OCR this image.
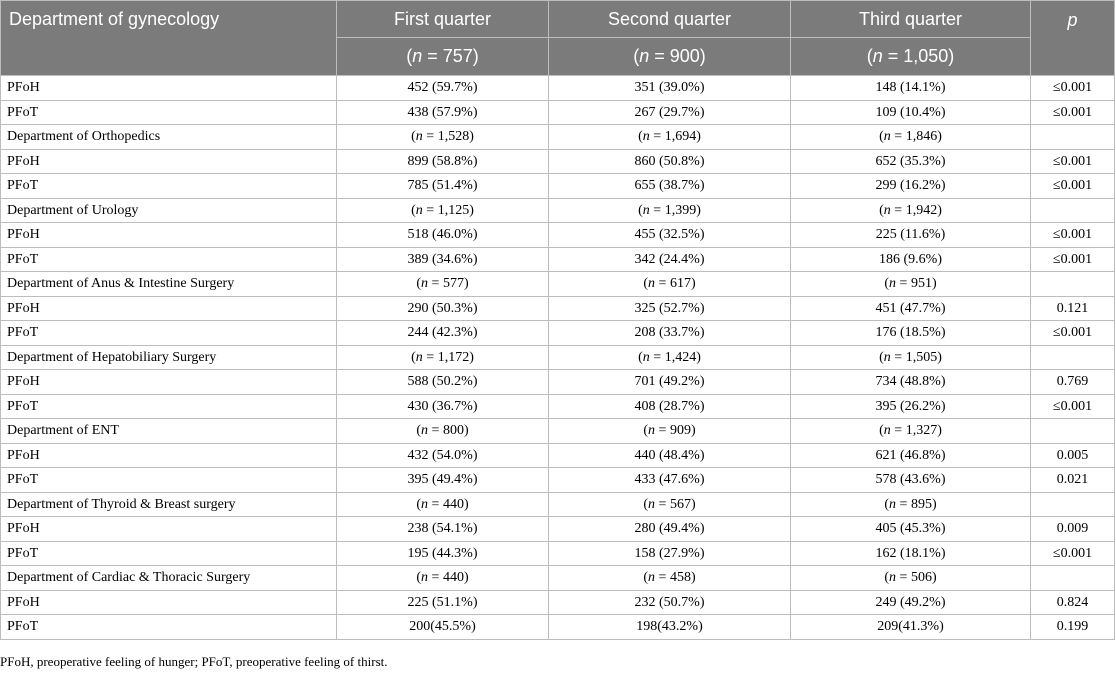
Department of gynecology	First quarter	Second quarter	Third quarter	p
	(n = 757)	(n = 900)	(n = 1,050)	
PFoH	452 (59.7%)	351 (39.0%)	148 (14.1%)	≤0.001
PFoT	438 (57.9%)	267 (29.7%)	109 (10.4%)	≤0.001
Department of Orthopedics	(n = 1,528)	(n = 1,694)	(n = 1,846)	
PFoH	899 (58.8%)	860 (50.8%)	652 (35.3%)	≤0.001
PFoT	785 (51.4%)	655 (38.7%)	299 (16.2%)	≤0.001
Department of Urology	(n = 1,125)	(n = 1,399)	(n = 1,942)	
PFoH	518 (46.0%)	455 (32.5%)	225 (11.6%)	≤0.001
PFoT	389 (34.6%)	342 (24.4%)	186 (9.6%)	≤0.001
Department of Anus & Intestine Surgery	(n = 577)	(n = 617)	(n = 951)	
PFoH	290 (50.3%)	325 (52.7%)	451 (47.7%)	0.121
PFoT	244 (42.3%)	208 (33.7%)	176 (18.5%)	≤0.001
Department of Hepatobiliary Surgery	(n = 1,172)	(n = 1,424)	(n = 1,505)	
PFoH	588 (50.2%)	701 (49.2%)	734 (48.8%)	0.769
PFoT	430 (36.7%)	408 (28.7%)	395 (26.2%)	≤0.001
Department of ENT	(n = 800)	(n = 909)	(n = 1,327)	
PFoH	432 (54.0%)	440 (48.4%)	621 (46.8%)	0.005
PFoT	395 (49.4%)	433 (47.6%)	578 (43.6%)	0.021
Department of Thyroid & Breast surgery	(n = 440)	(n = 567)	(n = 895)	
PFoH	238 (54.1%)	280 (49.4%)	405 (45.3%)	0.009
PFoT	195 (44.3%)	158 (27.9%)	162 (18.1%)	≤0.001
Department of Cardiac & Thoracic Surgery	(n = 440)	(n = 458)	(n = 506)	
PFoH	225 (51.1%)	232 (50.7%)	249 (49.2%)	0.824
PFoT	200(45.5%)	198(43.2%)	209(41.3%)	0.199
PFoH, preoperative feeling of hunger; PFoT, preoperative feeling of thirst.
